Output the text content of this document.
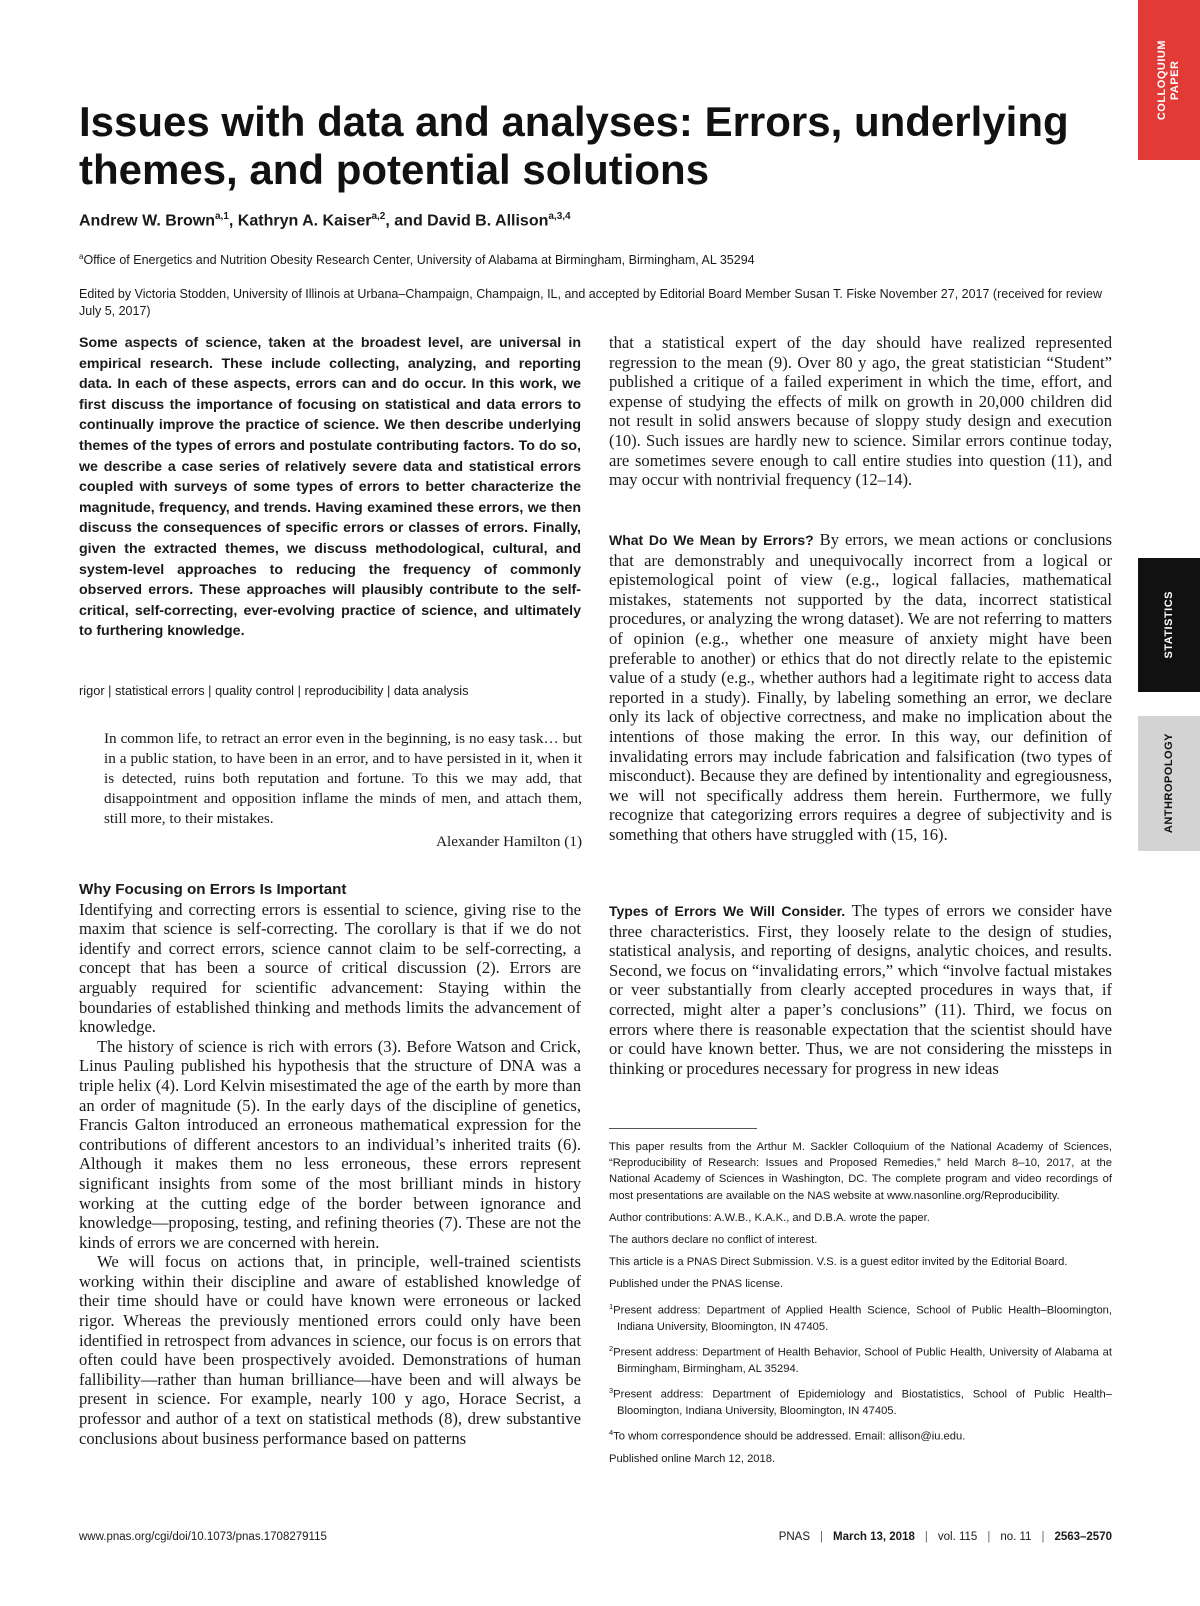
COLLOQUIUM
PAPER
STATISTICS
ANTHROPOLOGY
Issues with data and analyses: Errors, underlying
themes, and potential solutions
Andrew W. Brown$^{a,1}$, Kathryn A. Kaiser$^{a,2}$, and David B. Allison$^{a,3,4}$
$^a$Office of Energetics and Nutrition Obesity Research Center, University of Alabama at Birmingham, Birmingham, AL 35294
Edited by Victoria Stodden, University of Illinois at Urbana–Champaign, Champaign, IL, and accepted by Editorial Board Member Susan T. Fiske November 27, 2017 (received for review July 5, 2017)
Some aspects of science, taken at the broadest level, are universal in empirical research. These include collecting, analyzing, and reporting data. In each of these aspects, errors can and do occur. In this work, we first discuss the importance of focusing on statistical and data errors to continually improve the practice of science. We then describe underlying themes of the types of errors and postulate contributing factors. To do so, we describe a case series of relatively severe data and statistical errors coupled with surveys of some types of errors to better characterize the magnitude, frequency, and trends. Having examined these errors, we then discuss the consequences of specific errors or classes of errors. Finally, given the extracted themes, we discuss methodological, cultural, and system-level approaches to reducing the frequency of commonly observed errors. These approaches will plausibly contribute to the self-critical, self-correcting, ever-evolving practice of science, and ultimately to furthering knowledge.
rigor | statistical errors | quality control | reproducibility | data analysis
In common life, to retract an error even in the beginning, is no easy task… but in a public station, to have been in an error, and to have persisted in it, when it is detected, ruins both reputation and fortune. To this we may add, that disappointment and opposition inflame the minds of men, and attach them, still more, to their mistakes.
Alexander Hamilton (1)
Why Focusing on Errors Is Important

Identifying and correcting errors is essential to science, giving rise to the maxim that science is self-correcting. The corollary is that if we do not identify and correct errors, science cannot claim to be self-correcting, a concept that has been a source of critical discussion (2). Errors are arguably required for scientific advancement: Staying within the boundaries of established thinking and methods limits the advancement of knowledge.

The history of science is rich with errors (3). Before Watson and Crick, Linus Pauling published his hypothesis that the structure of DNA was a triple helix (4). Lord Kelvin misestimated the age of the earth by more than an order of magnitude (5). In the early days of the discipline of genetics, Francis Galton introduced an erroneous mathematical expression for the contributions of different ancestors to an individual’s inherited traits (6). Although it makes them no less erroneous, these errors represent significant insights from some of the most brilliant minds in history working at the cutting edge of the border between ignorance and knowledge—proposing, testing, and refining theories (7). These are not the kinds of errors we are concerned with herein.

We will focus on actions that, in principle, well-trained scientists working within their discipline and aware of established knowledge of their time should have or could have known were erroneous or lacked rigor. Whereas the previously mentioned errors could only have been identified in retrospect from advances in science, our focus is on errors that often could have been prospectively avoided. Demonstrations of human fallibility—rather than human brilliance—have been and will always be present in science. For example, nearly 100 y ago, Horace Secrist, a professor and author of a text on statistical methods (8), drew substantive conclusions about business performance based on patterns

that a statistical expert of the day should have realized represented regression to the mean (9). Over 80 y ago, the great statistician “Student” published a critique of a failed experiment in which the time, effort, and expense of studying the effects of milk on growth in 20,000 children did not result in solid answers because of sloppy study design and execution (10). Such issues are hardly new to science. Similar errors continue today, are sometimes severe enough to call entire studies into question (11), and may occur with nontrivial frequency (12–14).

What Do We Mean by Errors? By errors, we mean actions or conclusions that are demonstrably and unequivocally incorrect from a logical or epistemological point of view (e.g., logical fallacies, mathematical mistakes, statements not supported by the data, incorrect statistical procedures, or analyzing the wrong dataset). We are not referring to matters of opinion (e.g., whether one measure of anxiety might have been preferable to another) or ethics that do not directly relate to the epistemic value of a study (e.g., whether authors had a legitimate right to access data reported in a study). Finally, by labeling something an error, we declare only its lack of objective correctness, and make no implication about the intentions of those making the error. In this way, our definition of invalidating errors may include fabrication and falsification (two types of misconduct). Because they are defined by intentionality and egregiousness, we will not specifically address them herein. Furthermore, we fully recognize that categorizing errors requires a degree of subjectivity and is something that others have struggled with (15, 16).

Types of Errors We Will Consider. The types of errors we consider have three characteristics. First, they loosely relate to the design of studies, statistical analysis, and reporting of designs, analytic choices, and results. Second, we focus on “invalidating errors,” which “involve factual mistakes or veer substantially from clearly accepted procedures in ways that, if corrected, might alter a paper’s conclusions” (11). Third, we focus on errors where there is reasonable expectation that the scientist should have or could have known better. Thus, we are not considering the missteps in thinking or procedures necessary for progress in new ideas

This paper results from the Arthur M. Sackler Colloquium of the National Academy of Sciences, “Reproducibility of Research: Issues and Proposed Remedies,” held March 8–10, 2017, at the National Academy of Sciences in Washington, DC. The complete program and video recordings of most presentations are available on the NAS website at www.nasonline.org/Reproducibility.

Author contributions: A.W.B., K.A.K., and D.B.A. wrote the paper.

The authors declare no conflict of interest.

This article is a PNAS Direct Submission. V.S. is a guest editor invited by the Editorial Board.

Published under the PNAS license.

$^1$Present address: Department of Applied Health Science, School of Public Health–Bloomington, Indiana University, Bloomington, IN 47405.

$^2$Present address: Department of Health Behavior, School of Public Health, University of Alabama at Birmingham, Birmingham, AL 35294.

$^3$Present address: Department of Epidemiology and Biostatistics, School of Public Health–Bloomington, Indiana University, Bloomington, IN 47405.

$^4$To whom correspondence should be addressed. Email: allison@iu.edu.

Published online March 12, 2018.

www.pnas.org/cgi/doi/10.1073/pnas.1708279115	PNAS | March 13, 2018 | vol. 115 | no. 11 | 2563–2570
